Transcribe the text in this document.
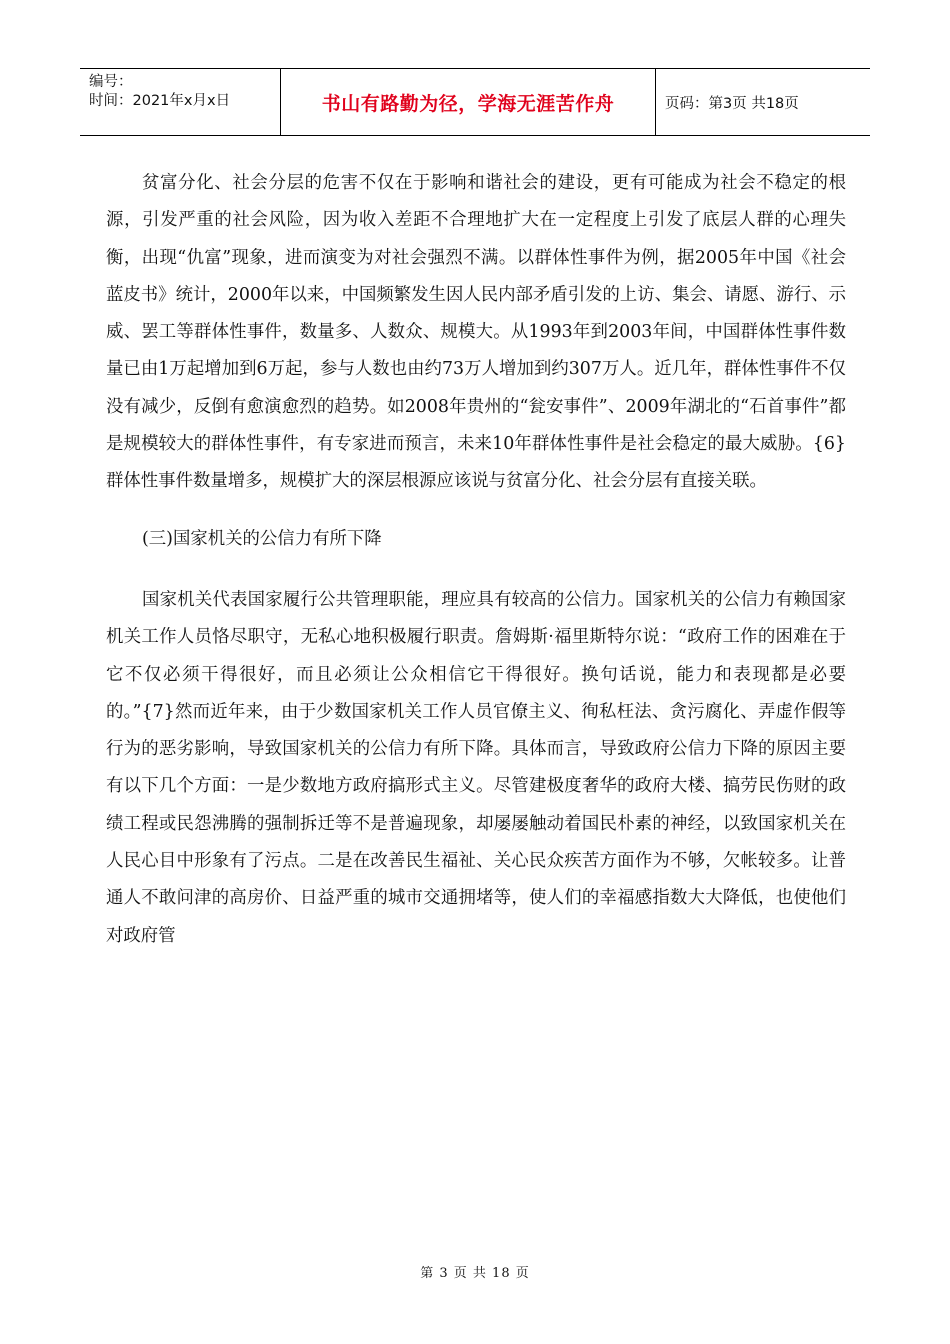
编号：
时间：2021年x月x日	书山有路勤为径，学海无涯苦作舟	页码：第3页 共18页

贫富分化、社会分层的危害不仅在于影响和谐社会的建设，更有可能成为社会不稳定的根源，引发严重的社会风险，因为收入差距不合理地扩大在一定程度上引发了底层人群的心理失衡，出现“仇富”现象，进而演变为对社会强烈不满。以群体性事件为例，据2005年中国《社会蓝皮书》统计，2000年以来，中国频繁发生因人民内部矛盾引发的上访、集会、请愿、游行、示威、罢工等群体性事件，数量多、人数众、规模大。从1993年到2003年间，中国群体性事件数量已由1万起增加到6万起，参与人数也由约73万人增加到约307万人。近几年，群体性事件不仅没有减少，反倒有愈演愈烈的趋势。如2008年贵州的“瓮安事件”、2009年湖北的“石首事件”都是规模较大的群体性事件，有专家进而预言，未来10年群体性事件是社会稳定的最大威胁。{6}群体性事件数量增多，规模扩大的深层根源应该说与贫富分化、社会分层有直接关联。

(三)国家机关的公信力有所下降

国家机关代表国家履行公共管理职能，理应具有较高的公信力。国家机关的公信力有赖国家机关工作人员恪尽职守，无私心地积极履行职责。詹姆斯·福里斯特尔说：“政府工作的困难在于它不仅必须干得很好，而且必须让公众相信它干得很好。换句话说，能力和表现都是必要的。”{7}然而近年来，由于少数国家机关工作人员官僚主义、徇私枉法、贪污腐化、弄虚作假等行为的恶劣影响，导致国家机关的公信力有所下降。具体而言，导致政府公信力下降的原因主要有以下几个方面：一是少数地方政府搞形式主义。尽管建极度奢华的政府大楼、搞劳民伤财的政绩工程或民怨沸腾的强制拆迁等不是普遍现象，却屡屡触动着国民朴素的神经，以致国家机关在人民心目中形象有了污点。二是在改善民生福祉、关心民众疾苦方面作为不够，欠帐较多。让普通人不敢问津的高房价、日益严重的城市交通拥堵等，使人们的幸福感指数大大降低，也使他们对政府管

第 3 页 共 18 页
